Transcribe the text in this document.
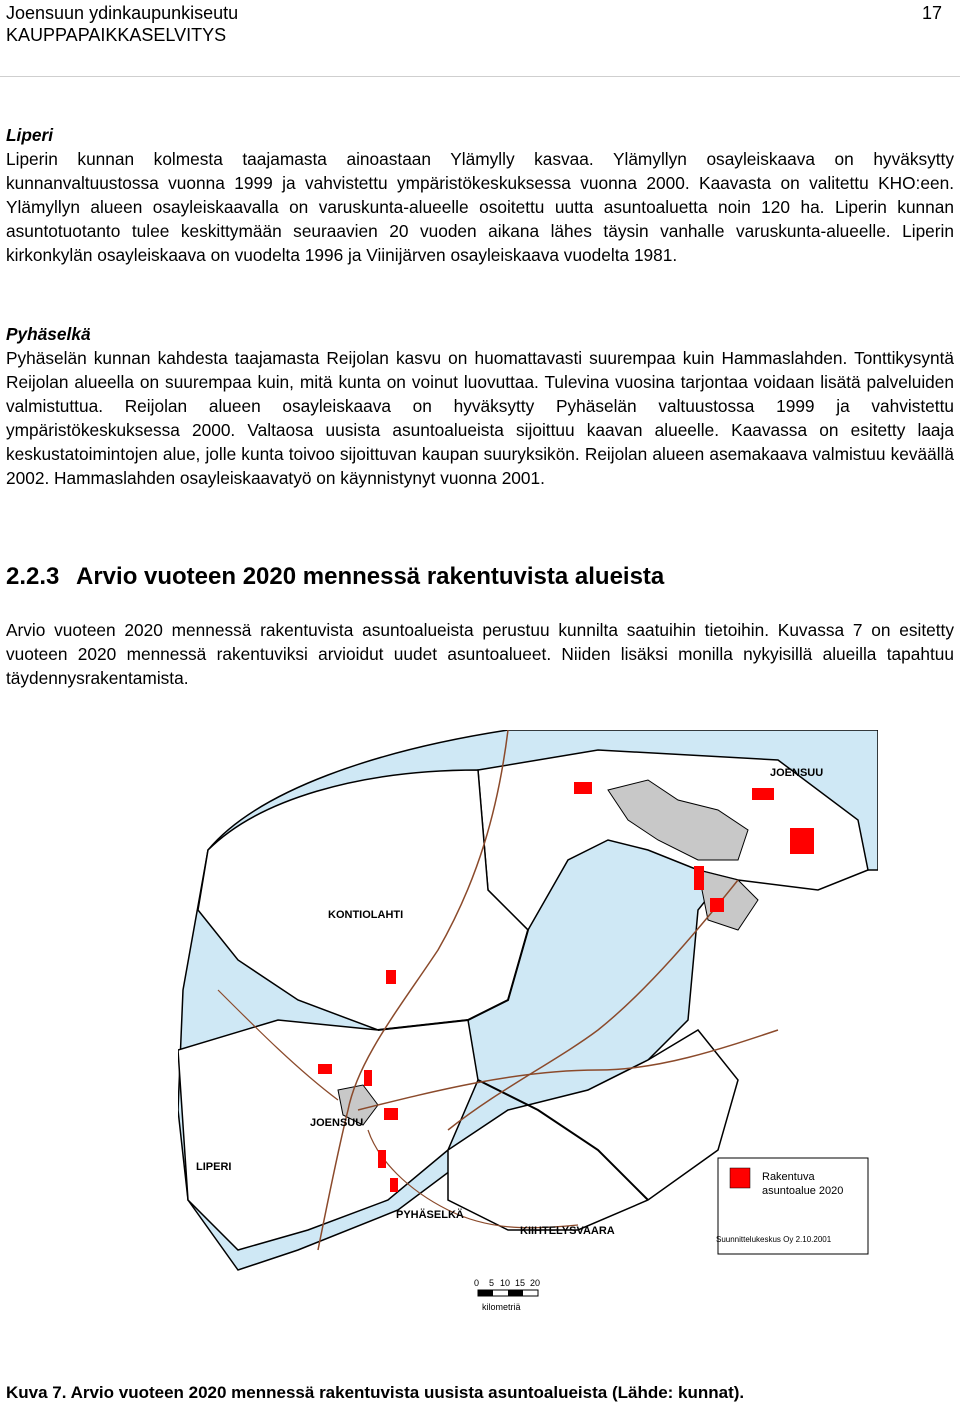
Joensuun ydinkaupunkiseutu
KAUPPAPAIKKASELVITYS
17
Liperi
Liperin kunnan kolmesta taajamasta ainoastaan Ylämylly kasvaa. Ylämyllyn osayleiskaava on hyväksytty kunnanvaltuustossa vuonna 1999 ja vahvistettu ympäristökeskuksessa vuonna 2000. Kaavasta on valitettu KHO:een. Ylämyllyn alueen osayleiskaavalla on varuskunta-alueelle osoitettu uutta asuntoaluetta noin 120 ha. Liperin kunnan asuntotuotanto tulee keskittymään seuraavien 20 vuoden aikana lähes täysin vanhalle varuskunta-alueelle. Liperin kirkonkylän osayleiskaava on vuodelta 1996 ja Viinijärven osayleiskaava vuodelta 1981.
Pyhäselkä
Pyhäselän kunnan kahdesta taajamasta Reijolan kasvu on huomattavasti suurempaa kuin Hammaslahden. Tonttikysyntä Reijolan alueella on suurempaa kuin, mitä kunta on voinut luovuttaa. Tulevina vuosina tarjontaa voidaan lisätä palveluiden valmistuttua. Reijolan alueen osayleiskaava on hyväksytty Pyhäselän valtuustossa 1999 ja vahvistettu ympäristökeskuksessa 2000. Valtaosa uusista asuntoalueista sijoittuu kaavan alueelle. Kaavassa on esitetty laaja keskustatoimintojen alue, jolle kunta toivoo sijoittuvan kaupan suuryksikön. Reijolan alueen asemakaava valmistuu keväällä 2002. Hammaslahden osayleiskaavatyö on käynnistynyt vuonna 2001.
2.2.3 Arvio vuoteen 2020 mennessä rakentuvista alueista
Arvio vuoteen 2020 mennessä rakentuvista asuntoalueista perustuu kunnilta saatuihin tietoihin. Kuvassa 7 on esitetty vuoteen 2020 mennessä rakentuviksi arvioidut uudet asuntoalueet. Niiden lisäksi monilla nykyisillä alueilla tapahtuu täydennysrakentamista.
JOENSUU
KONTIOLAHTI
JOENSUU
LIPERI
PYHÄSELKÄ
KIIHTELYSVAARA
Rakentuva
asuntoalue 2020
Suunnittelukeskus Oy 2.10.2001
0 5 10 15 20
kilometriä
Kuva 7. Arvio vuoteen 2020 mennessä rakentuvista uusista asuntoalueista (Lähde: kunnat).
